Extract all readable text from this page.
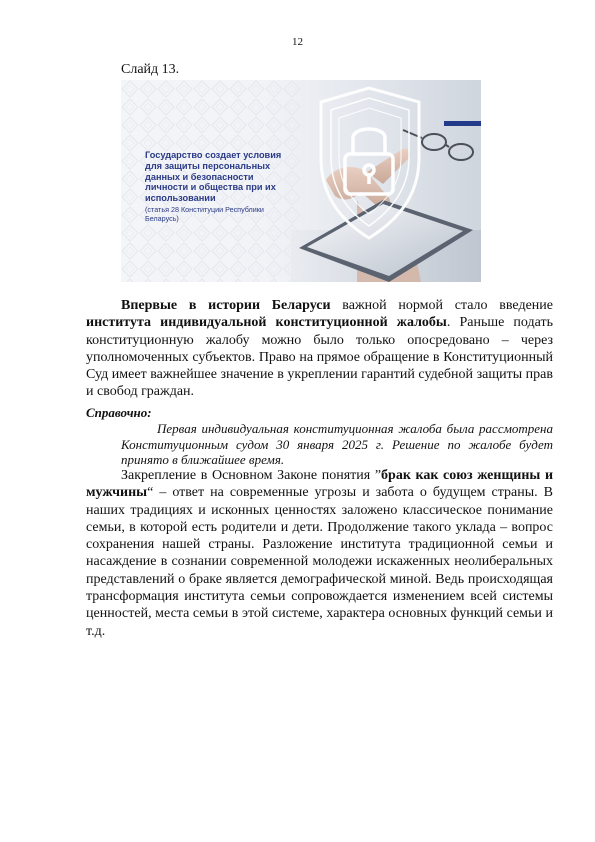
12
Слайд 13.
Государство создает условия для защиты персональных данных и безопасности личности и общества при их использовании
(статья 28 Конституции Республики Беларусь)

Впервые в истории Беларуси важной нормой стало введение института индивидуальной конституционной жалобы. Раньше подать конституционную жалобу можно было только опосредовано – через уполномоченных субъектов. Право на прямое обращение в Конституционный Суд имеет важнейшее значение в укреплении гарантий судебной защиты прав и свобод граждан.

Справочно:

Первая индивидуальная конституционная жалоба была рассмотрена Конституционным судом 30 января 2025 г. Решение по жалобе будет принято в ближайшее время.

Закрепление в Основном Законе понятия ”брак как союз женщины и мужчины“ – ответ на современные угрозы и забота о будущем страны. В наших традициях и исконных ценностях заложено классическое понимание семьи, в которой есть родители и дети. Продолжение такого уклада – вопрос сохранения нашей страны. Разложение института традиционной семьи и насаждение в сознании современной молодежи искаженных неолиберальных представлений о браке является демографической миной. Ведь происходящая трансформация института семьи сопровождается изменением всей системы ценностей, места семьи в этой системе, характера основных функций семьи и т.д.
